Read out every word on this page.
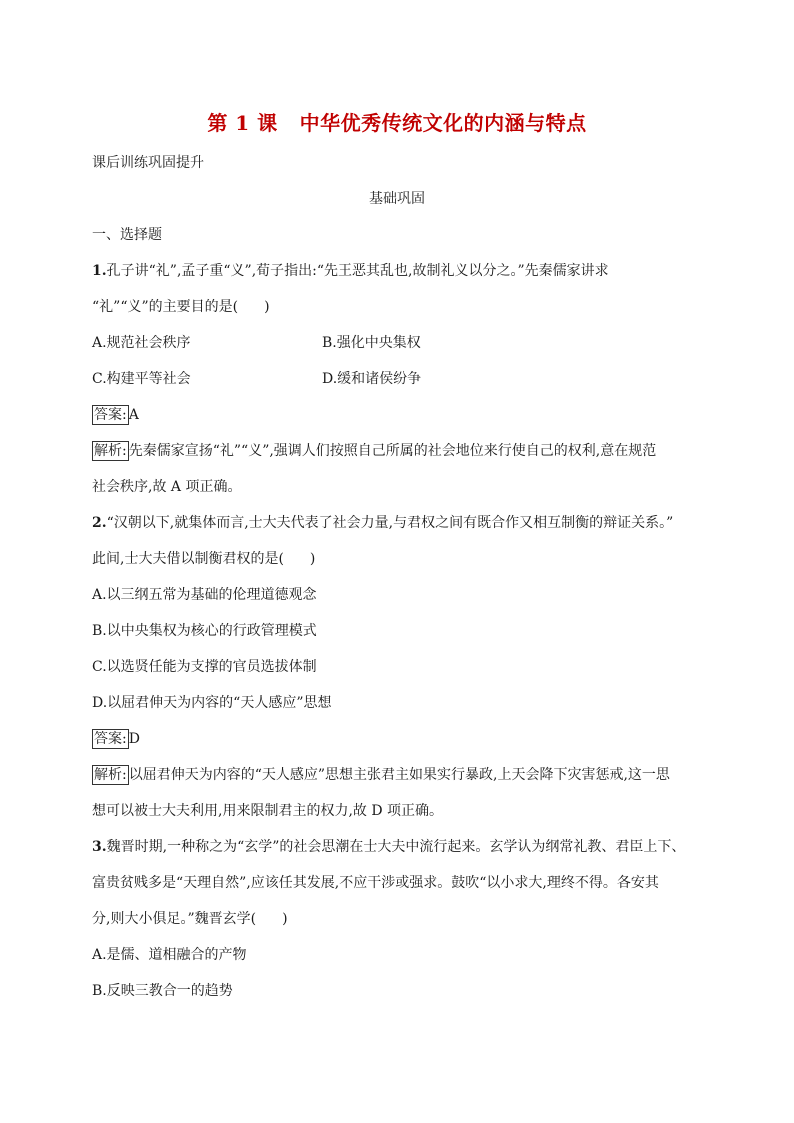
第 1 课 中华优秀传统文化的内涵与特点
课后训练巩固提升
基础巩固
一、选择题
1.孔子讲“礼”,孟子重“义”,荀子指出:“先王恶其乱也,故制礼义以分之。”先秦儒家讲求
“礼”“义”的主要目的是( )
A.规范社会秩序	B.强化中央集权
C.构建平等社会	D.缓和诸侯纷争
答案: A
解析: 先秦儒家宣扬“礼”“义”,强调人们按照自己所属的社会地位来行使自己的权利,意在规范
社会秩序,故 A 项正确。
2.“汉朝以下,就集体而言,士大夫代表了社会力量,与君权之间有既合作又相互制衡的辩证关系。”
此间,士大夫借以制衡君权的是( )
A.以三纲五常为基础的伦理道德观念
B.以中央集权为核心的行政管理模式
C.以选贤任能为支撑的官员选拔体制
D.以屈君伸天为内容的“天人感应”思想
答案: D
解析: 以屈君伸天为内容的“天人感应”思想主张君主如果实行暴政,上天会降下灾害惩戒,这一思
想可以被士大夫利用,用来限制君主的权力,故 D 项正确。
3.魏晋时期,一种称之为“玄学”的社会思潮在士大夫中流行起来。玄学认为纲常礼教、君臣上下、
富贵贫贱多是“天理自然”,应该任其发展,不应干涉或强求。鼓吹“以小求大,理终不得。各安其
分,则大小俱足。”魏晋玄学( )
A.是儒、道相融合的产物
B.反映三教合一的趋势
